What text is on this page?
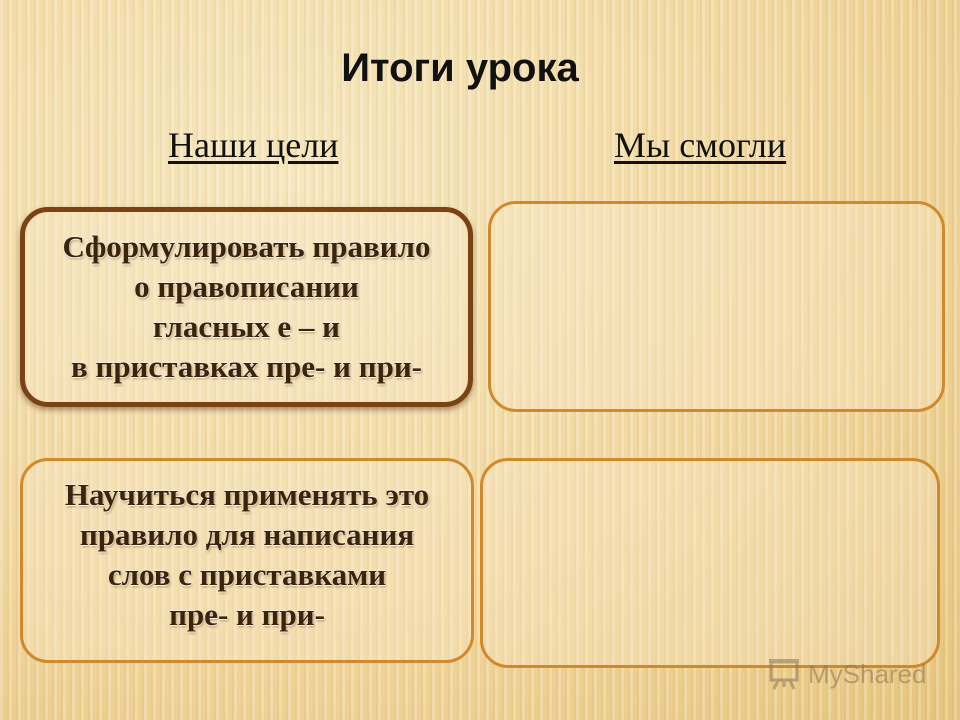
Итоги урока
Наши цели	Мы смогли
Сформулировать правило
о правописании
гласных е – и
в приставках пре- и при-
Научиться применять это
правило для написания
слов с приставками
пре- и при-
MyShared
